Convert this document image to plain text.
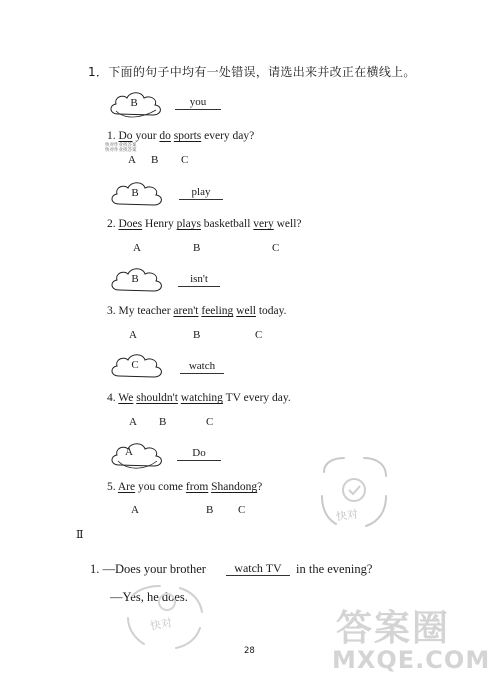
1．下面的句子中均有一处错误，请选出来并改正在横线上。
B	you
1. Do your do sports every day?
快对作业找答案
快对作业找答案
A B C
B	play
2. Does Henry plays basketball very well?
A	B	C
B	isn't
3. My teacher aren't feeling well today.
A	B	C
C	watch
4. We shouldn't watching TV every day.
A B	C
A	Do
5. Are you come from Shandong?
A	B C
Ⅱ
1. —Does your brother	watch TV	in the evening?
—Yes, he does.
28
快对
快对	答案圈
MXQE.COM
